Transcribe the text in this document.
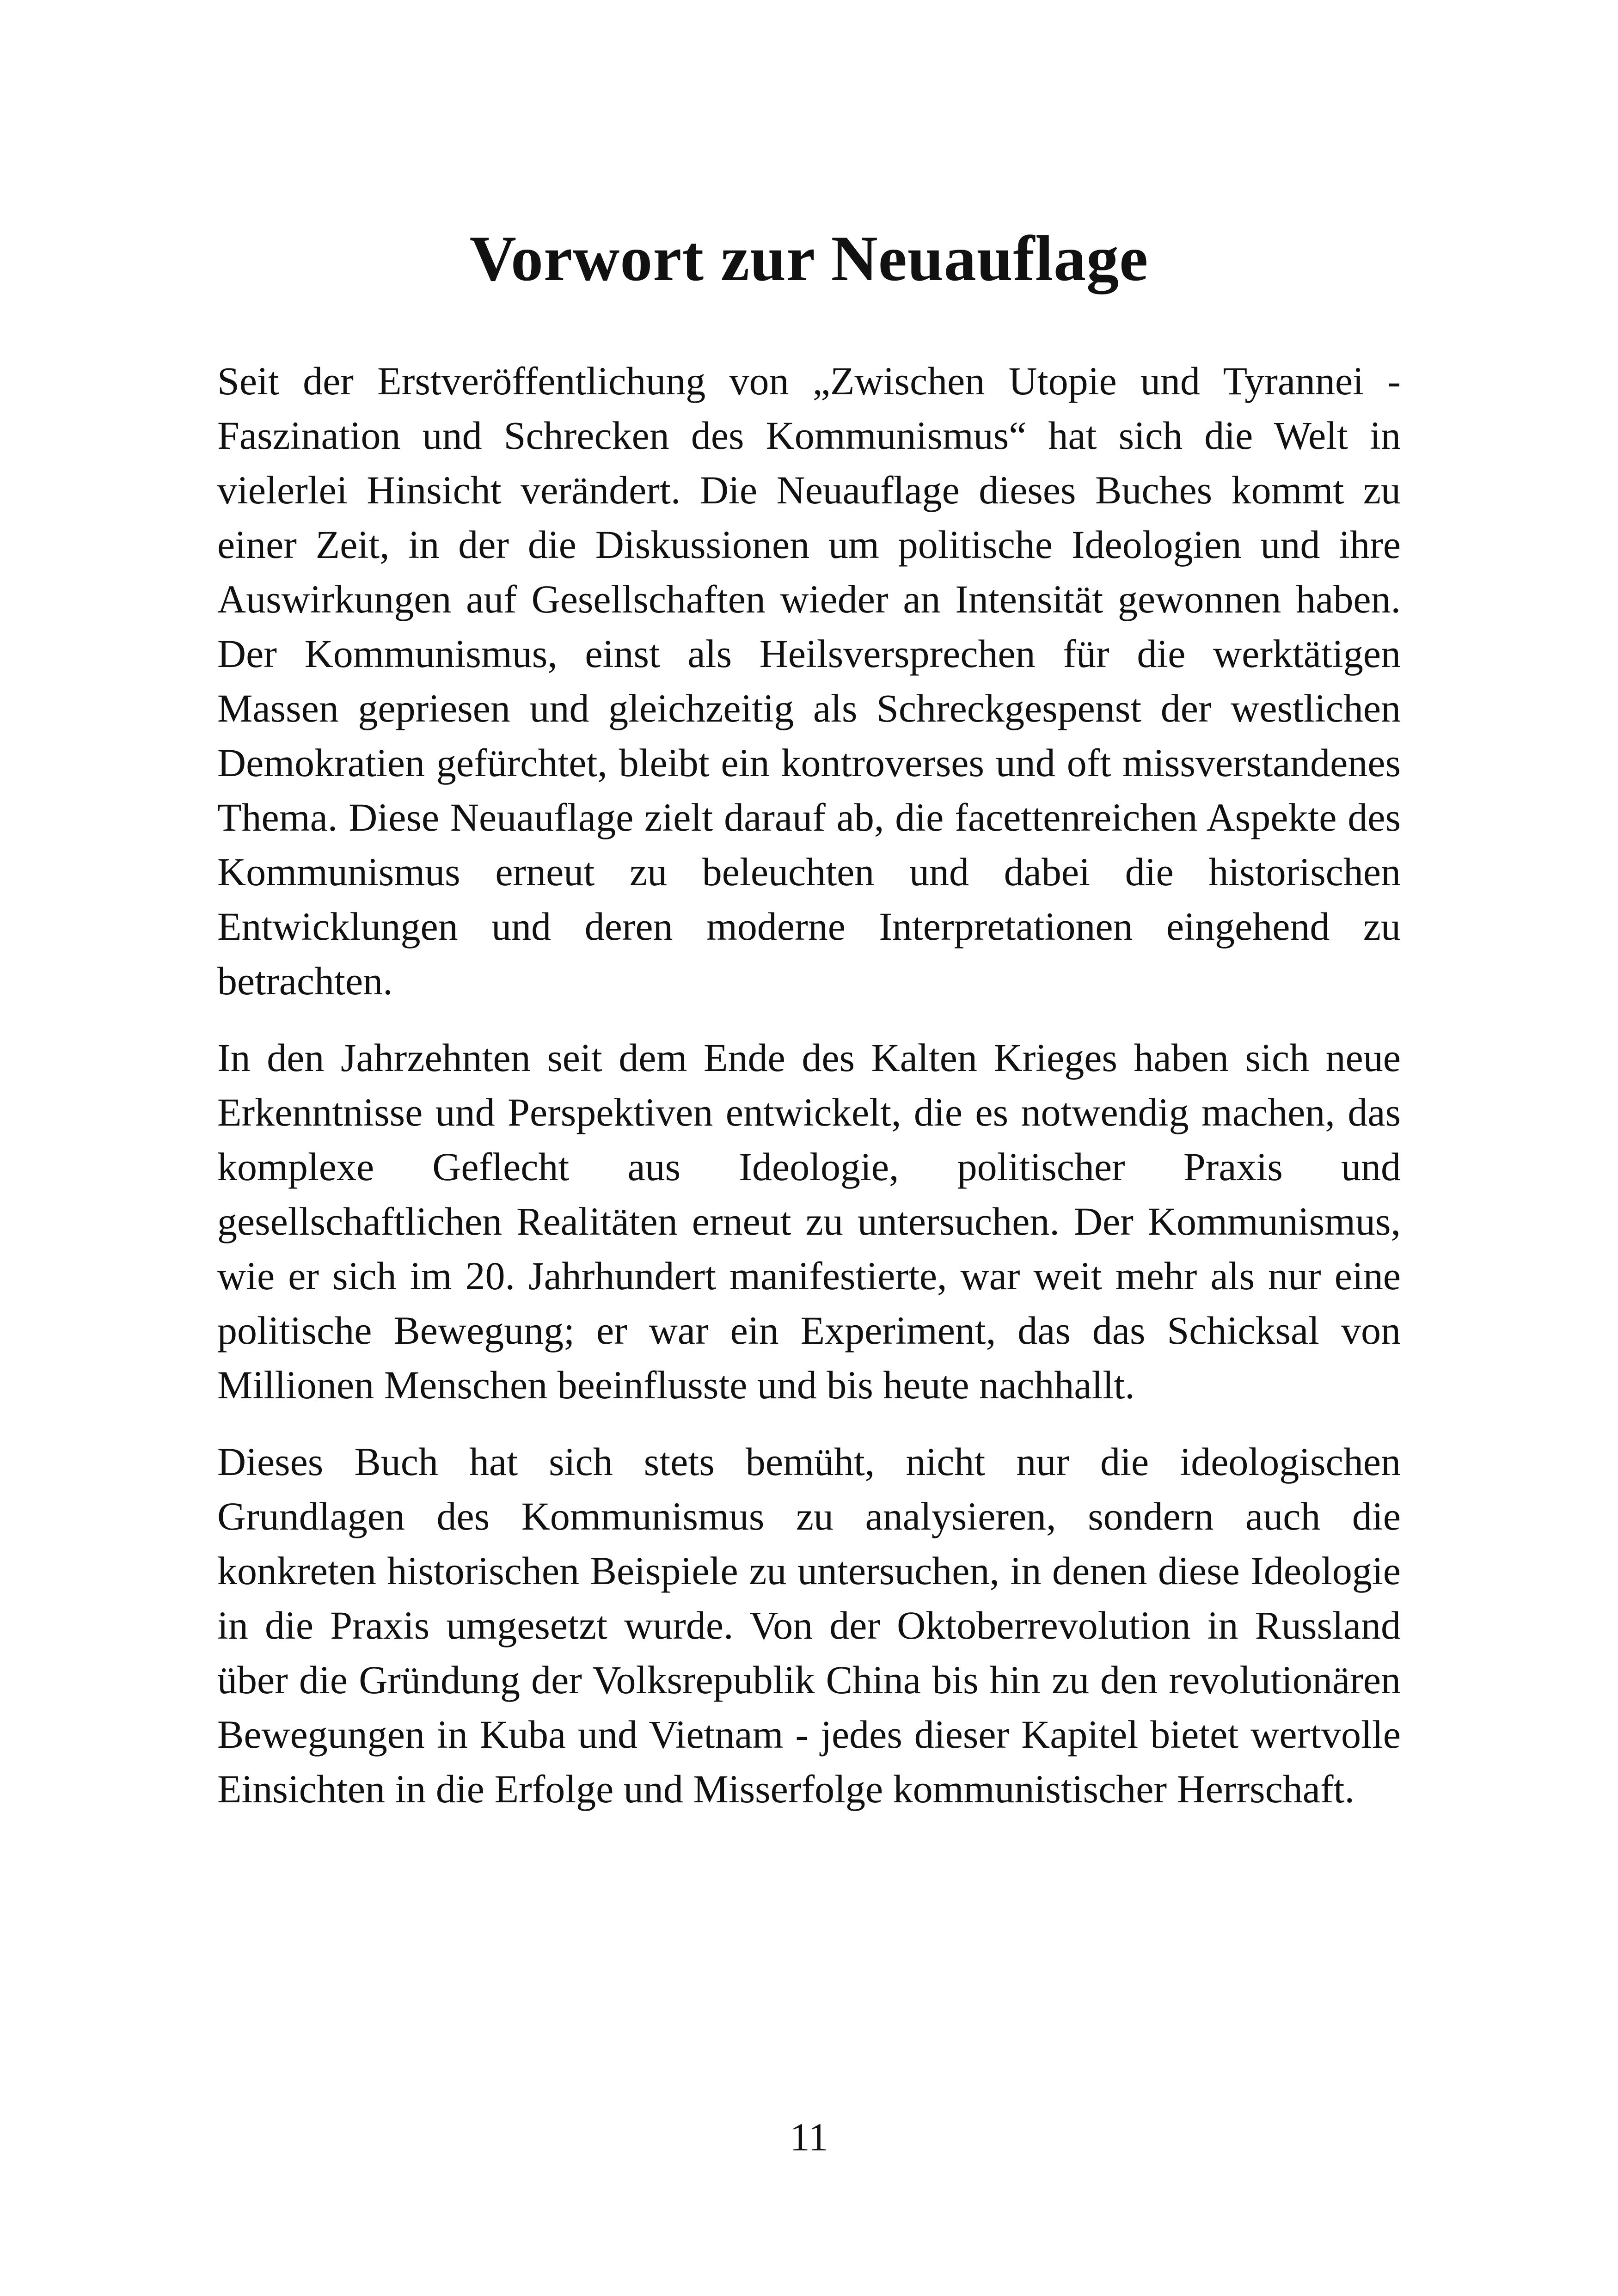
Vorwort zur Neuauflage

Seit der Erstveröffentlichung von „Zwischen Utopie und Tyrannei - Faszination und Schrecken des Kommunismus“ hat sich die Welt in vielerlei Hinsicht verändert. Die Neuauflage dieses Buches kommt zu einer Zeit, in der die Diskussionen um politische Ideologien und ihre Auswirkungen auf Gesellschaften wieder an Intensität gewonnen haben. Der Kommunismus, einst als Heilsversprechen für die werktätigen Massen gepriesen und gleichzeitig als Schreckgespenst der westlichen Demokratien gefürchtet, bleibt ein kontroverses und oft missverstandenes Thema. Diese Neuauflage zielt darauf ab, die facettenreichen Aspekte des Kommunismus erneut zu beleuchten und dabei die historischen Entwicklungen und deren moderne Interpretationen eingehend zu betrachten.

In den Jahrzehnten seit dem Ende des Kalten Krieges haben sich neue Erkenntnisse und Perspektiven entwickelt, die es notwendig machen, das komplexe Geflecht aus Ideologie, politischer Praxis und gesellschaftlichen Realitäten erneut zu untersuchen. Der Kommunismus, wie er sich im 20. Jahrhundert manifestierte, war weit mehr als nur eine politische Bewegung; er war ein Experiment, das das Schicksal von Millionen Menschen beeinflusste und bis heute nachhallt.

Dieses Buch hat sich stets bemüht, nicht nur die ideologischen Grundlagen des Kommunismus zu analysieren, sondern auch die konkreten historischen Beispiele zu untersuchen, in denen diese Ideologie in die Praxis umgesetzt wurde. Von der Oktoberrevolution in Russland über die Gründung der Volksrepublik China bis hin zu den revolutionären Bewegungen in Kuba und Vietnam - jedes dieser Kapitel bietet wertvolle Einsichten in die Erfolge und Misserfolge kommunistischer Herrschaft.

11
